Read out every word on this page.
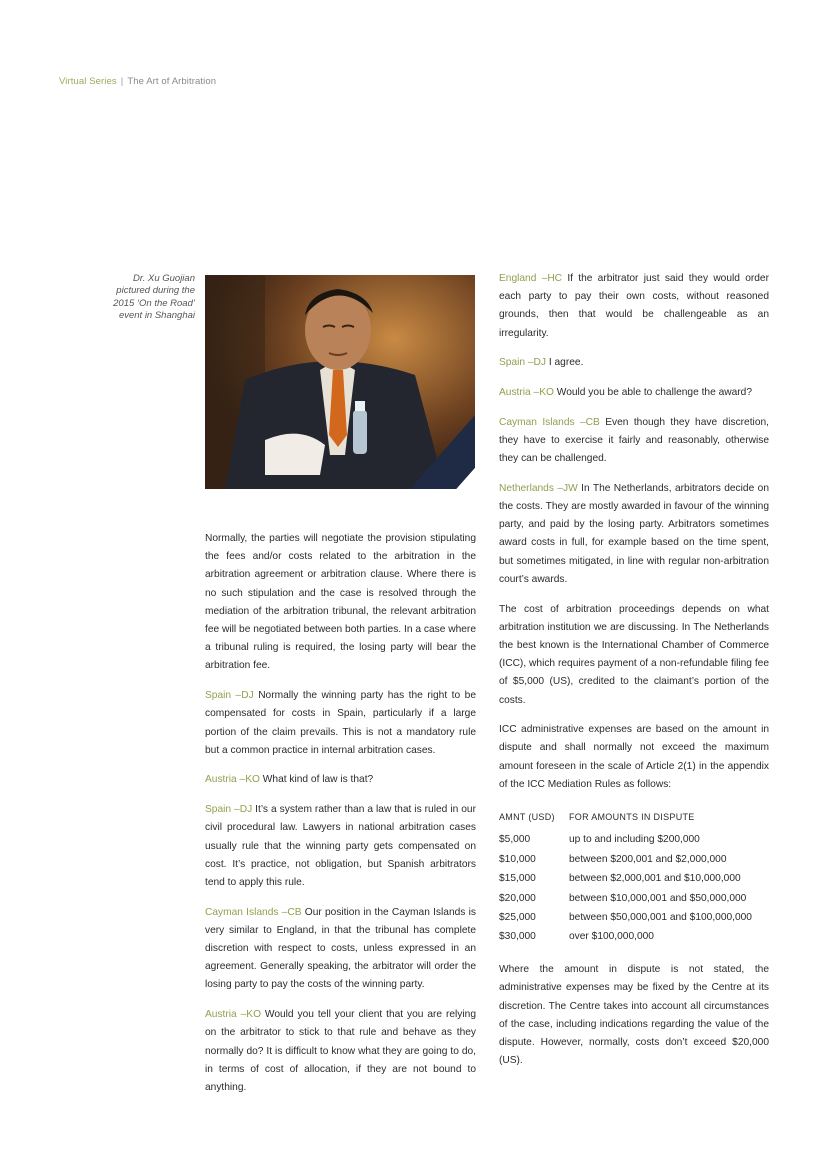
Virtual Series | The Art of Arbitration
Dr. Xu Guojian pictured during the 2015 ‘On the Road’ event in Shanghai

Normally, the parties will negotiate the provision stipulating the fees and/or costs related to the arbitration in the arbitration agreement or arbitration clause. Where there is no such stipulation and the case is resolved through the mediation of the arbitration tribunal, the relevant arbitration fee will be negotiated between both parties. In a case where a tribunal ruling is required, the losing party will bear the arbitration fee.

Spain –DJ Normally the winning party has the right to be compensated for costs in Spain, particularly if a large portion of the claim prevails. This is not a mandatory rule but a common practice in internal arbitration cases.

Austria –KO What kind of law is that?

Spain –DJ It’s a system rather than a law that is ruled in our civil procedural law. Lawyers in national arbitration cases usually rule that the winning party gets compensated on cost. It’s practice, not obligation, but Spanish arbitrators tend to apply this rule.

Cayman Islands –CB Our position in the Cayman Islands is very similar to England, in that the tribunal has complete discretion with respect to costs, unless expressed in an agreement. Generally speaking, the arbitrator will order the losing party to pay the costs of the winning party.

Austria –KO Would you tell your client that you are relying on the arbitrator to stick to that rule and behave as they normally do? It is difficult to know what they are going to do, in terms of cost of allocation, if they are not bound to anything.

England –HC If the arbitrator just said they would order each party to pay their own costs, without reasoned grounds, then that would be challengeable as an irregularity.

Spain –DJ I agree.

Austria –KO Would you be able to challenge the award?

Cayman Islands –CB Even though they have discretion, they have to exercise it fairly and reasonably, otherwise they can be challenged.

Netherlands –JW In The Netherlands, arbitrators decide on the costs. They are mostly awarded in favour of the winning party, and paid by the losing party. Arbitrators sometimes award costs in full, for example based on the time spent, but sometimes mitigated, in line with regular non-arbitration court’s awards.

The cost of arbitration proceedings depends on what arbitration institution we are discussing. In The Netherlands the best known is the International Chamber of Commerce (ICC), which requires payment of a non-refundable filing fee of $5,000 (US), credited to the claimant’s portion of the costs.

ICC administrative expenses are based on the amount in dispute and shall normally not exceed the maximum amount foreseen in the scale of Article 2(1) in the appendix of the ICC Mediation Rules as follows:

AMNT (USD)	FOR AMOUNTS IN DISPUTE
$5,000	up to and including $200,000
$10,000	between $200,001 and $2,000,000
$15,000	between $2,000,001 and $10,000,000
$20,000	between $10,000,001 and $50,000,000
$25,000	between $50,000,001 and $100,000,000
$30,000	over $100,000,000

Where the amount in dispute is not stated, the administrative expenses may be fixed by the Centre at its discretion. The Centre takes into account all circumstances of the case, including indications regarding the value of the dispute. However, normally, costs don’t exceed $20,000 (US).
